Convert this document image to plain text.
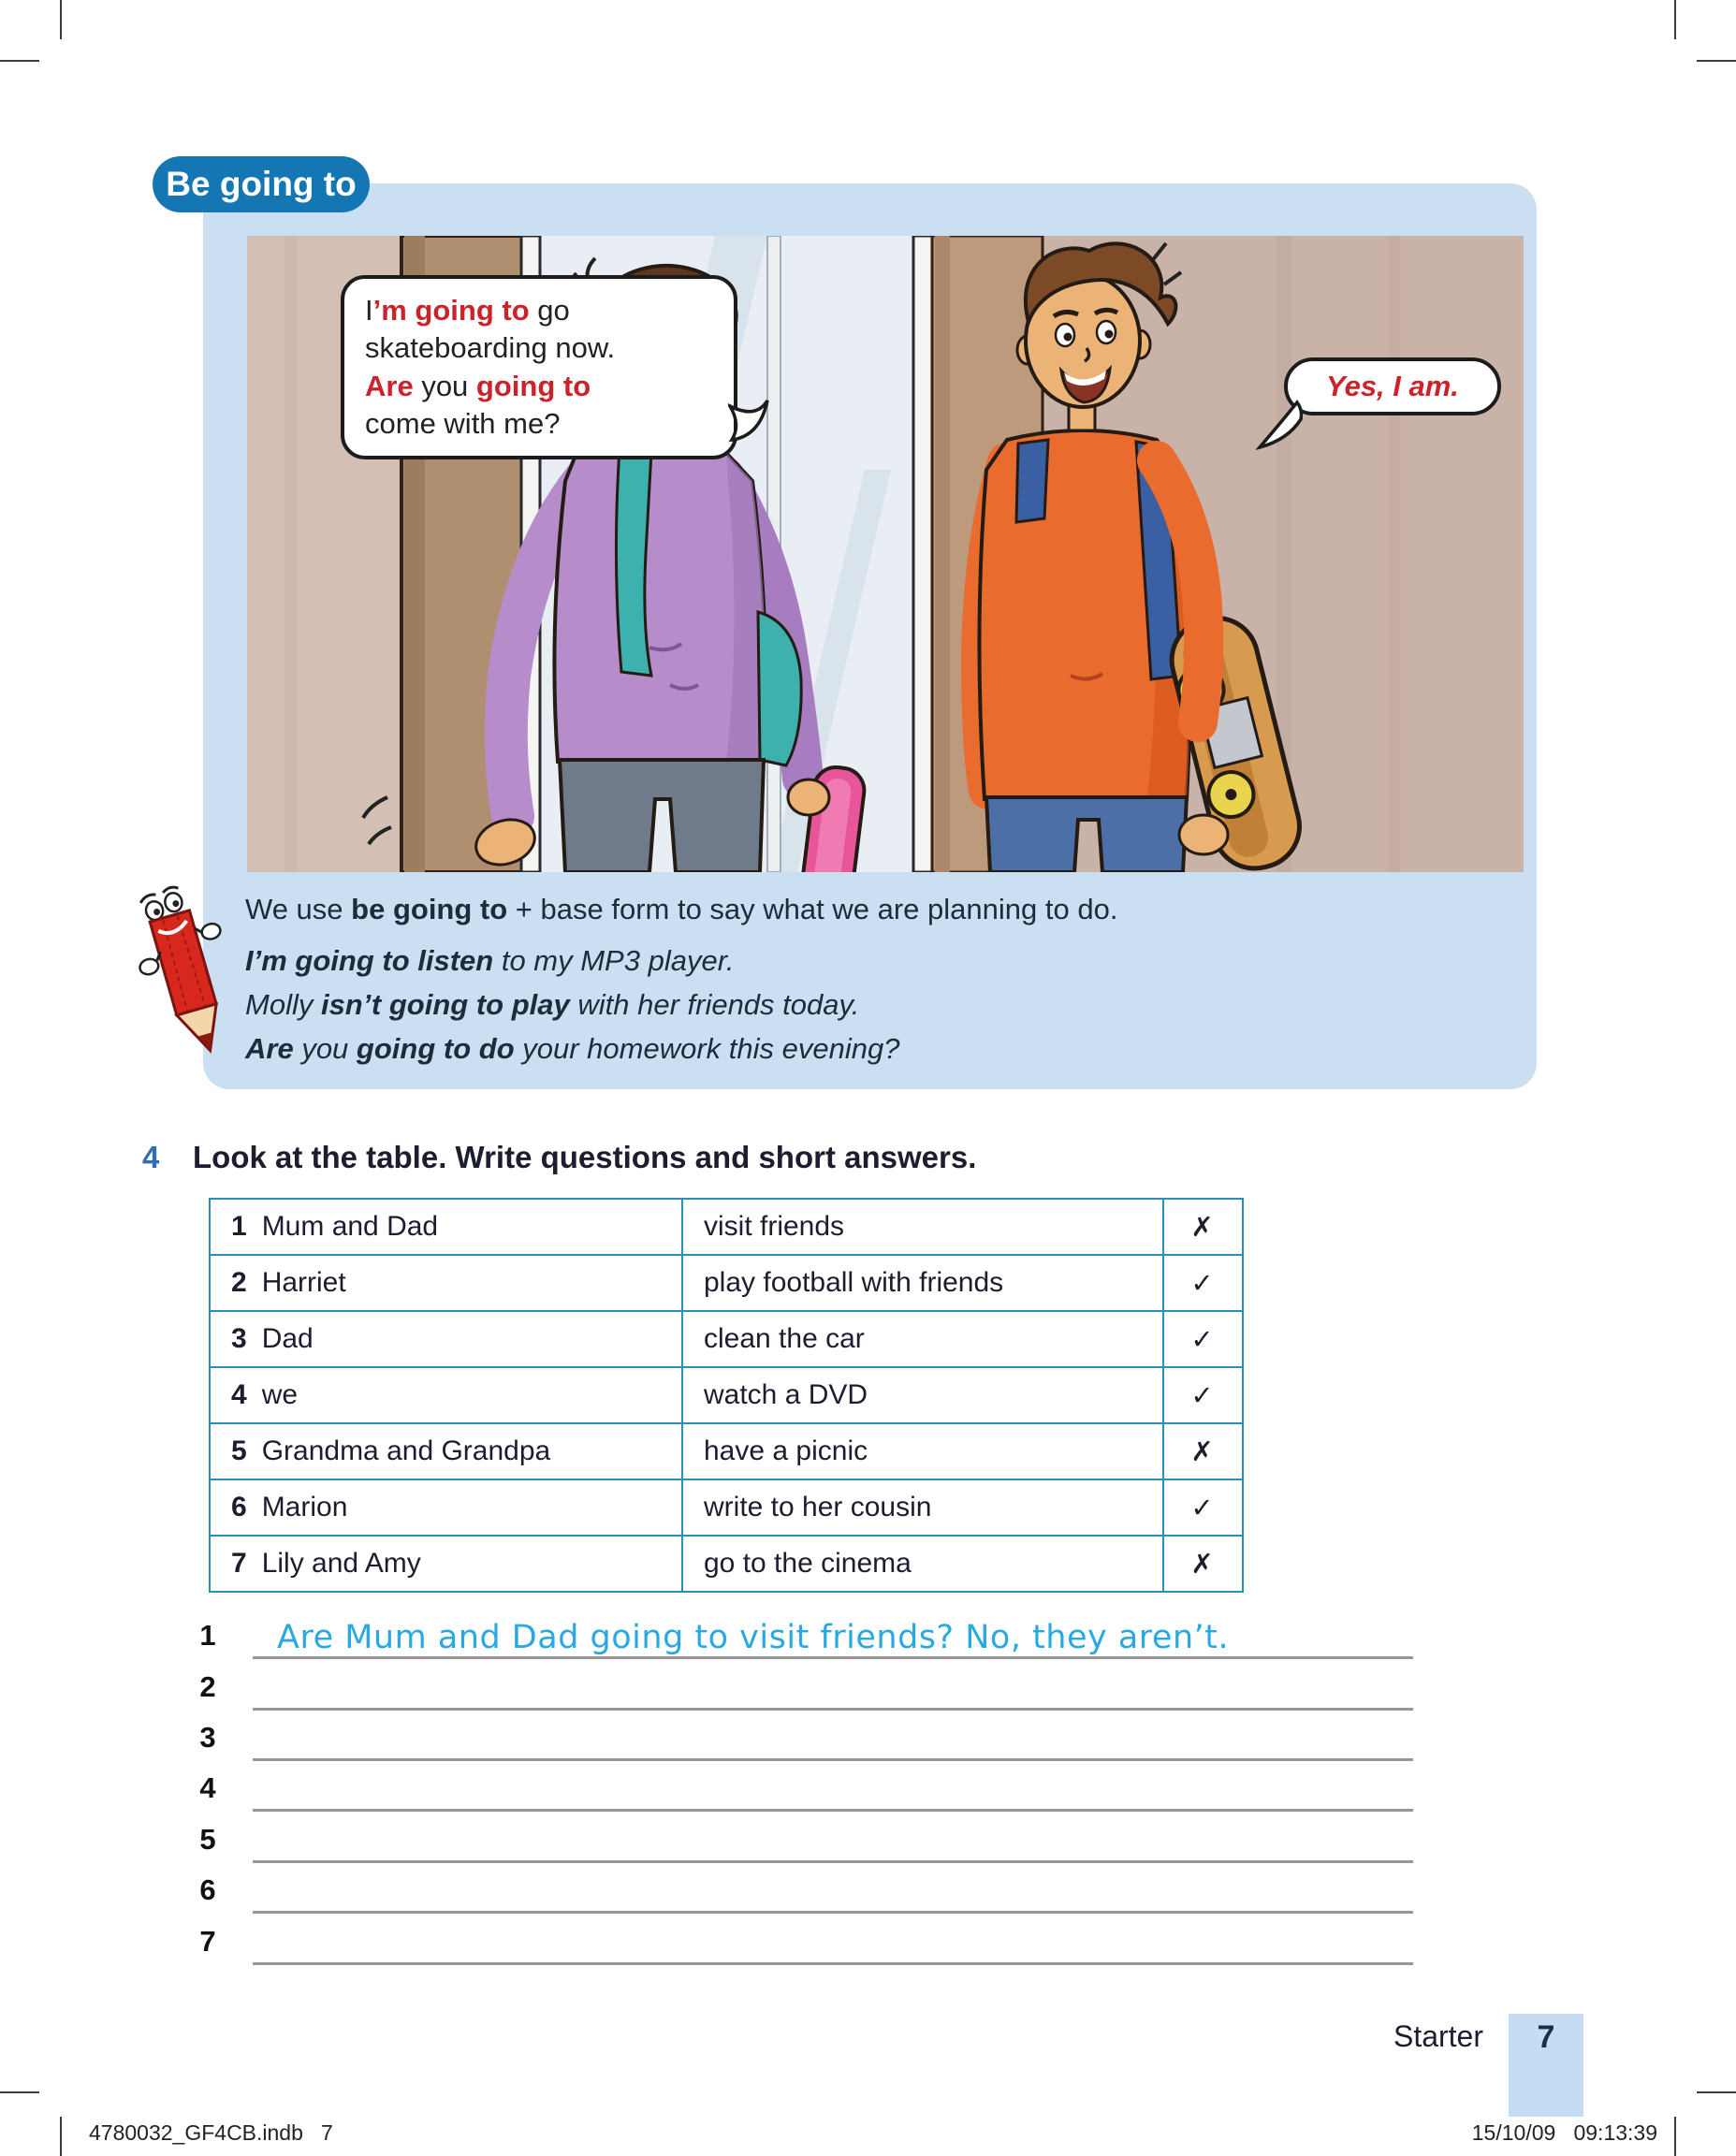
Be going to
I’m going to go
skateboarding now.
Are you going to
come with me?
Yes, I am.
We use be going to + base form to say what we are planning to do.
I’m going to listen to my MP3 player.
Molly isn’t going to play with her friends today.
Are you going to do your homework this evening?
4 Look at the table. Write questions and short answers.
1 Mum and Dad	visit friends	✗
2 Harriet	play football with friends	✓
3 Dad	clean the car	✓
4 we	watch a DVD	✓
5 Grandma and Grandpa	have a picnic	✗
6 Marion	write to her cousin	✓
7 Lily and Amy	go to the cinema	✗
1	Are Mum and Dad going to visit friends? No, they aren’t.
2
3
4
5
6
7
Starter 7
4780032_GF4CB.indb   7	15/10/09   09:13:39
